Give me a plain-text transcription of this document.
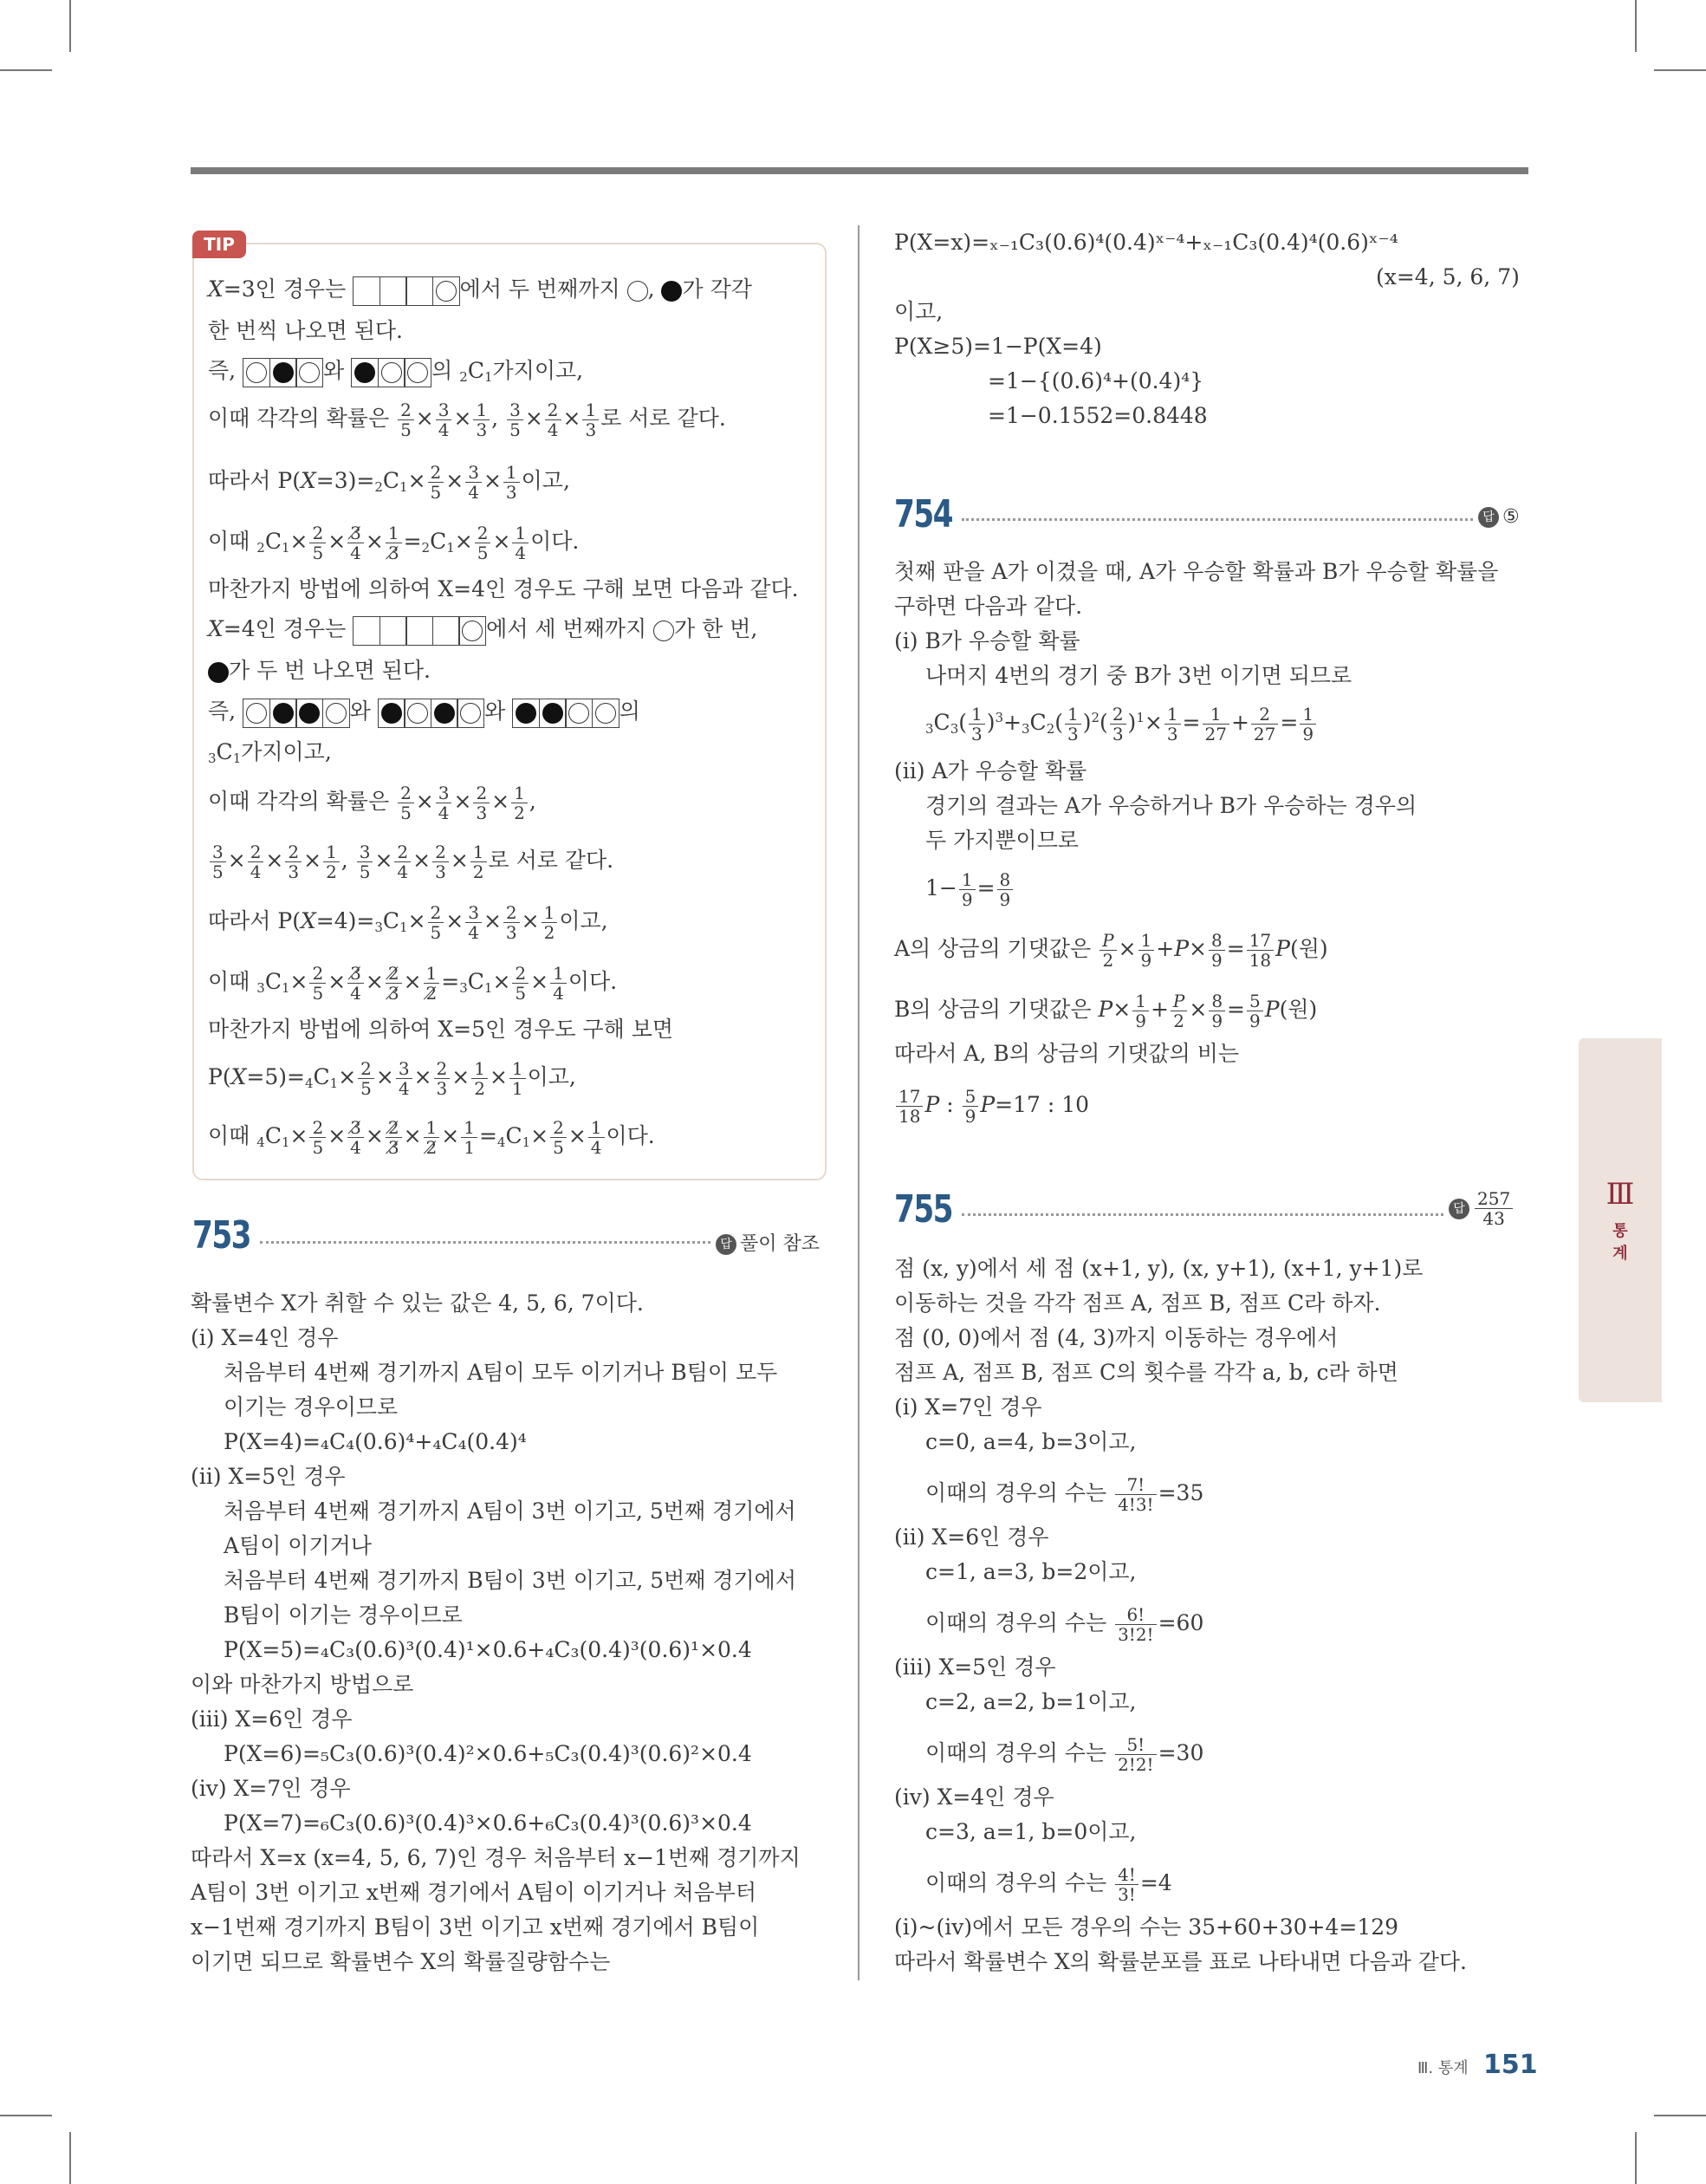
TIP
X=3인 경우는	에서 두 번째까지 , 가 각각
한 번씩 나오면 된다.
즉,	와	의 $_2C_1$가지이고,
이때 각각의 확률은 $\frac{2}{5} \times \frac{3}{4} \times \frac{1}{3}$ , $\frac{3}{5} \times \frac{2}{4} \times \frac{1}{3}$ 로 서로 같다.
따라서 $P(X=3)=_2C_1\times \frac{2}{5} \times \frac{3}{4} \times \frac{1}{3}$ 이고,
이때 $_2C_1\times \frac{2}{5} \times \frac{3̸}{4} \times \frac{1}{3̸} =_2C_1\times \frac{2}{5} \times \frac{1}{4}$ 이다.
마찬가지 방법에 의하여 X=4인 경우도 구해 보면 다음과 같다.
X=4인 경우는	에서 세 번째까지 가 한 번,
가 두 번 나오면 된다.
즉,	와	와	의
$_3C_1$가지이고,
이때 각각의 확률은 $\frac{2}{5} \times \frac{3}{4} \times \frac{2}{3} \times \frac{1}{2}$ ,
$\frac{3}{5} \times \frac{2}{4} \times \frac{2}{3} \times \frac{1}{2}$ , $\frac{3}{5} \times \frac{2}{4} \times \frac{2}{3} \times \frac{1}{2}$ 로 서로 같다.
따라서 $P(X=4)=_3C_1\times \frac{2}{5} \times \frac{3}{4} \times \frac{2}{3} \times \frac{1}{2}$ 이고,
이때 $_3C_1\times \frac{2}{5} \times \frac{3̸}{4} \times \frac{2̸}{3̸} \times \frac{1}{2̸} =_3C_1\times \frac{2}{5} \times \frac{1}{4}$ 이다.
마찬가지 방법에 의하여 X=5인 경우도 구해 보면
$P(X=5)=_4C_1\times \frac{2}{5} \times \frac{3}{4} \times \frac{2}{3} \times \frac{1}{2} \times \frac{1}{1}$ 이고,
이때 $_4C_1\times \frac{2}{5} \times \frac{3̸}{4} \times \frac{2̸}{3̸} \times \frac{1}{2̸} \times \frac{1}{1} =_4C_1\times \frac{2}{5} \times \frac{1}{4}$ 이다.
753	답 풀이 참조
확률변수 X가 취할 수 있는 값은 4, 5, 6, 7이다.
(ⅰ) X=4인 경우
처음부터 4번째 경기까지 A팀이 모두 이기거나 B팀이 모두
이기는 경우이므로
P(X=4)=₄C₄(0.6)⁴+₄C₄(0.4)⁴
(ⅱ) X=5인 경우
처음부터 4번째 경기까지 A팀이 3번 이기고, 5번째 경기에서
A팀이 이기거나
처음부터 4번째 경기까지 B팀이 3번 이기고, 5번째 경기에서
B팀이 이기는 경우이므로
P(X=5)=₄C₃(0.6)³(0.4)¹×0.6+₄C₃(0.4)³(0.6)¹×0.4
이와 마찬가지 방법으로
(ⅲ) X=6인 경우
P(X=6)=₅C₃(0.6)³(0.4)²×0.6+₅C₃(0.4)³(0.6)²×0.4
(ⅳ) X=7인 경우
P(X=7)=₆C₃(0.6)³(0.4)³×0.6+₆C₃(0.4)³(0.6)³×0.4
따라서 X=x (x=4, 5, 6, 7)인 경우 처음부터 x−1번째 경기까지
A팀이 3번 이기고 x번째 경기에서 A팀이 이기거나 처음부터
x−1번째 경기까지 B팀이 3번 이기고 x번째 경기에서 B팀이
이기면 되므로 확률변수 X의 확률질량함수는
P(X=x)=ₓ₋₁C₃(0.6)⁴(0.4)ˣ⁻⁴+ₓ₋₁C₃(0.4)⁴(0.6)ˣ⁻⁴
(x=4, 5, 6, 7)
이고,
P(X≥5)=1−P(X=4)
=1−{(0.6)⁴+(0.4)⁴}
=1−0.1552=0.8448
754	답 ⑤
첫째 판을 A가 이겼을 때, A가 우승할 확률과 B가 우승할 확률을
구하면 다음과 같다.
(ⅰ) B가 우승할 확률
나머지 4번의 경기 중 B가 3번 이기면 되므로
$_3C_3( \frac{1}{3} )^3+_3C_2( \frac{1}{3} )^2( \frac{2}{3} )^1\times \frac{1}{3} = \frac{1}{27} + \frac{2}{27} = \frac{1}{9}$
(ⅱ) A가 우승할 확률
경기의 결과는 A가 우승하거나 B가 우승하는 경우의
두 가지뿐이므로
$1- \frac{1}{9} = \frac{8}{9}$
A의 상금의 기댓값은 $\frac{P}{2} \times \frac{1}{9} +P\times \frac{8}{9} = \frac{17}{18} P$(원)
B의 상금의 기댓값은 $P\times \frac{1}{9} + \frac{P}{2} \times \frac{8}{9} = \frac{5}{9} P$(원)
따라서 A, B의 상금의 기댓값의 비는
$\frac{17}{18}$ P : $\frac{5}{9} P=17$ : 10
755	답 $\frac{257}{43}$
점 (x, y)에서 세 점 (x+1, y), (x, y+1), (x+1, y+1)로
이동하는 것을 각각 점프 A, 점프 B, 점프 C라 하자.
점 (0, 0)에서 점 (4, 3)까지 이동하는 경우에서
점프 A, 점프 B, 점프 C의 횟수를 각각 a, b, c라 하면
(ⅰ) X=7인 경우
c=0, a=4, b=3이고,
이때의 경우의 수는 $\frac{7!}{4!3!} =35$
(ⅱ) X=6인 경우
c=1, a=3, b=2이고,
이때의 경우의 수는 $\frac{6!}{3!2!} =60$
(ⅲ) X=5인 경우
c=2, a=2, b=1이고,
이때의 경우의 수는 $\frac{5!}{2!2!} =30$
(ⅳ) X=4인 경우
c=3, a=1, b=0이고,
이때의 경우의 수는 $\frac{4!}{3!} =4$
(ⅰ)~(ⅳ)에서 모든 경우의 수는 35+60+30+4=129
따라서 확률변수 X의 확률분포를 표로 나타내면 다음과 같다.
Ⅲ
통
계
Ⅲ. 통계 151
